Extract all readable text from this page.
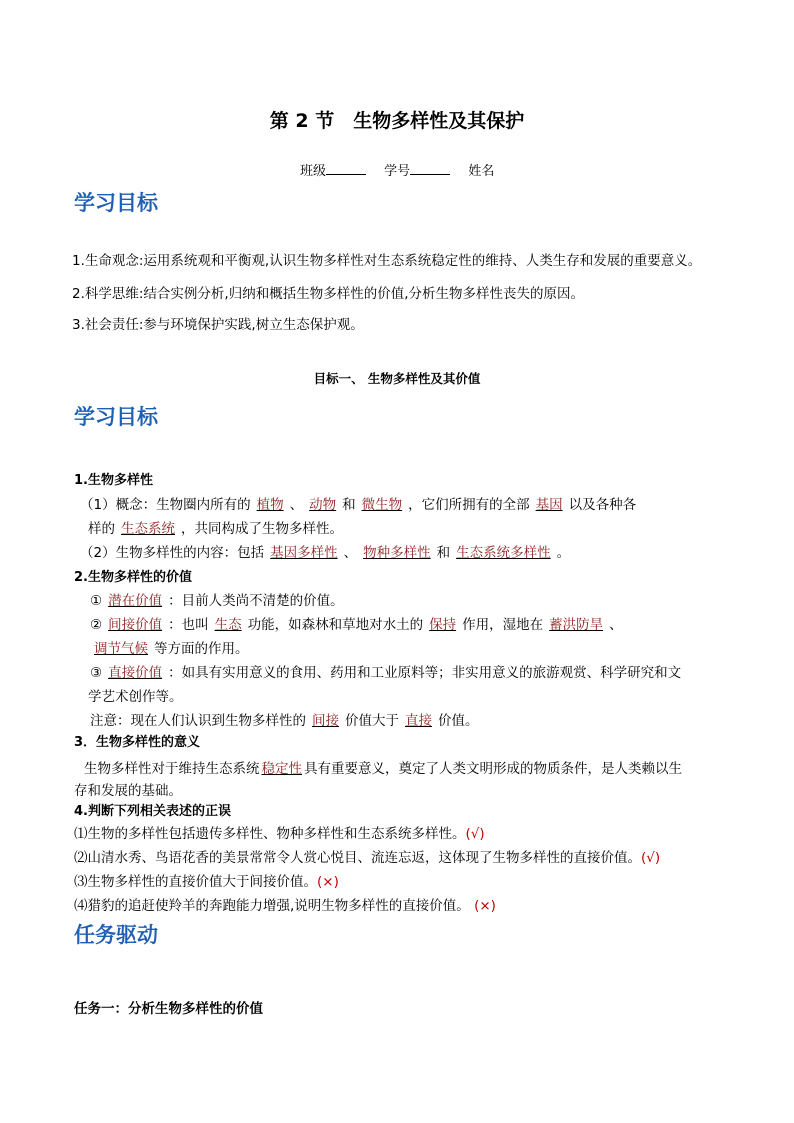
第 2 节　生物多样性及其保护
班级	学号	姓名
学习目标
1.生命观念:运用系统观和平衡观,认识生物多样性对生态系统稳定性的维持、人类生存和发展的重要意义。
2.科学思维:结合实例分析,归纳和概括生物多样性的价值,分析生物多样性丧失的原因。
3.社会责任:参与环境保护实践,树立生态保护观。
目标一、 生物多样性及其价值
学习目标
1.生物多样性
（1）概念：生物圈内所有的 植物 、 动物 和 微生物 ，它们所拥有的全部 基因 以及各种各
样的 生态系统 ，共同构成了生物多样性。
（2）生物多样性的内容：包括 基因多样性 、 物种多样性 和 生态系统多样性 。
2.生物多样性的价值
① 潜在价值 ：目前人类尚不清楚的价值。
② 间接价值 ：也叫 生态 功能，如森林和草地对水土的 保持 作用，湿地在 蓄洪防旱 、
调节气候 等方面的作用。
③ 直接价值 ：如具有实用意义的食用、药用和工业原料等；非实用意义的旅游观赏、科学研究和文
学艺术创作等。
注意：现在人们认识到生物多样性的 间接 价值大于 直接 价值。
3．生物多样性的意义
生物多样性对于维持生态系统 稳定性 具有重要意义，奠定了人类文明形成的物质条件，是人类赖以生
存和发展的基础。
4.判断下列相关表述的正误
⑴生物的多样性包括遗传多样性、物种多样性和生态系统多样性。(√)
⑵山清水秀、鸟语花香的美景常常令人赏心悦目、流连忘返，这体现了生物多样性的直接价值。(√)
⑶生物多样性的直接价值大于间接价值。(×)
⑷猎豹的追赶使羚羊的奔跑能力增强,说明生物多样性的直接价值。 (×)
任务驱动
任务一：分析生物多样性的价值
